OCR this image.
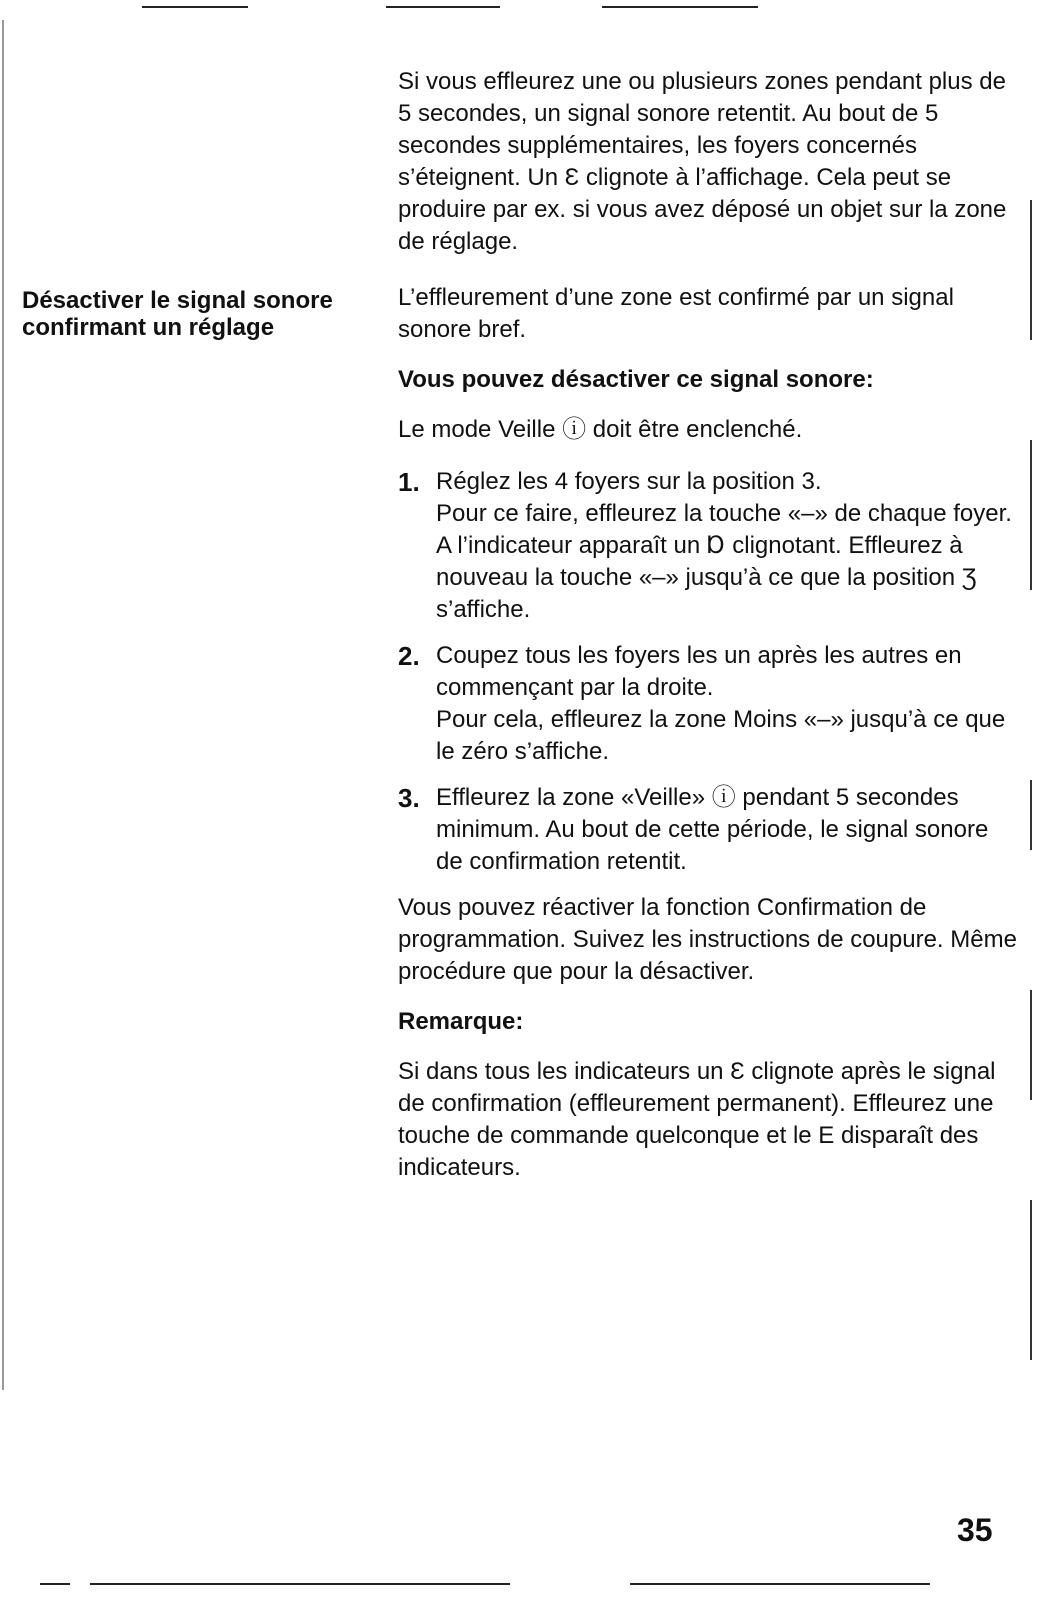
Désactiver le signal sonore
confirmant un réglage

Si vous effleurez une ou plusieurs zones pendant plus de 5 secondes, un signal sonore retentit. Au bout de 5 secondes supplémentaires, les foyers concernés s’éteignent. Un Ɛ clignote à l’affichage. Cela peut se produire par ex. si vous avez déposé un objet sur la zone de réglage.

L’effleurement d’une zone est confirmé par un signal sonore bref.

Vous pouvez désactiver ce signal sonore:

Le mode Veille ⓘ doit être enclenché.

1. Réglez les 4 foyers sur la position 3.
Pour ce faire, effleurez la touche «–» de chaque foyer. A l’indicateur apparaît un Ɒ clignotant. Effleurez à nouveau la touche «–» jusqu’à ce que la position Ʒ s’affiche.
2. Coupez tous les foyers les un après les autres en commençant par la droite.
Pour cela, effleurez la zone Moins «–» jusqu’à ce que le zéro s’affiche.
3. Effleurez la zone «Veille» ⓘ pendant 5 secondes minimum. Au bout de cette période, le signal sonore de confirmation retentit.

Vous pouvez réactiver la fonction Confirmation de programmation. Suivez les instructions de coupure. Même procédure que pour la désactiver.

Remarque:

Si dans tous les indicateurs un Ɛ clignote après le signal de confirmation (effleurement permanent). Effleurez une touche de commande quelconque et le E disparaît des indicateurs.

35
